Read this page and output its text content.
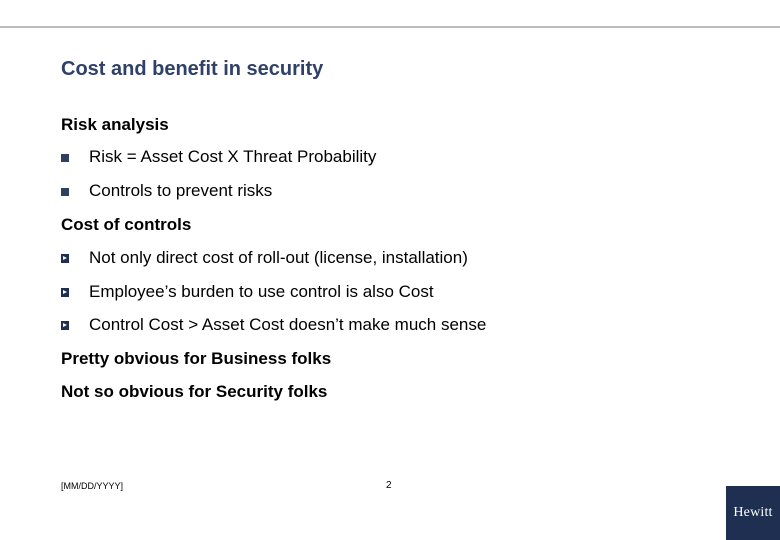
Cost and benefit in security
Risk analysis
Risk = Asset Cost X Threat Probability
Controls to prevent risks
Cost of controls
Not only direct cost of roll-out (license, installation)
Employee’s burden to use control is also Cost
Control Cost > Asset Cost doesn’t make much sense
Pretty obvious for Business folks
Not so obvious for Security folks
[MM/DD/YYYY]	2
Hewitt
